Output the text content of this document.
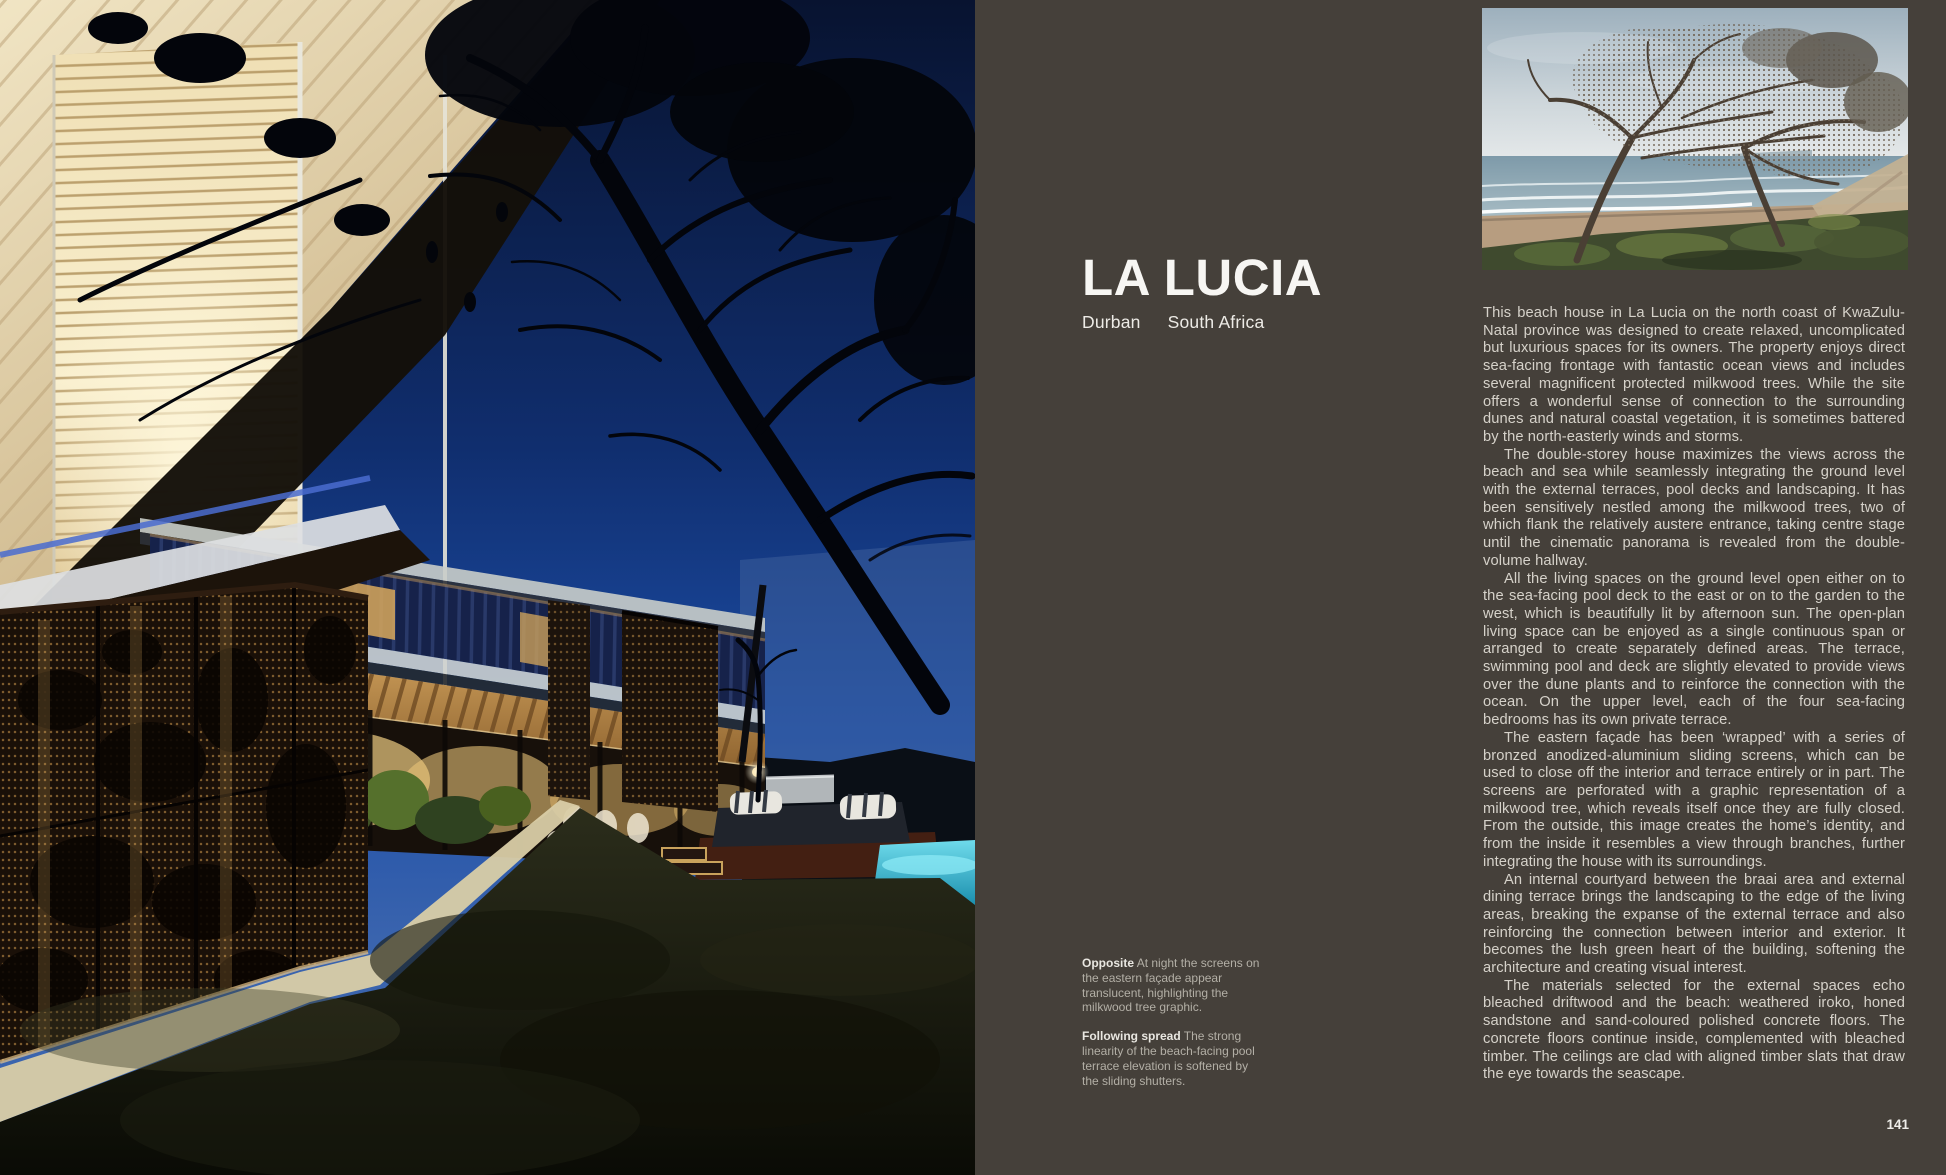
LA LUCIA
Durban South Africa	This beach house in La Lucia on the north coast of KwaZulu-Natal province was designed to create relaxed, uncomplicated but luxurious spaces for its owners. The property enjoys direct sea-facing frontage with fantastic ocean views and includes several magnificent protected milkwood trees. While the site offers a wonderful sense of connection to the surrounding dunes and natural coastal vegetation, it is sometimes battered by the north-easterly winds and storms.

The double-storey house maximizes the views across the beach and sea while seamlessly integrating the ground level with the external terraces, pool decks and landscaping. It has been sensitively nestled among the milkwood trees, two of which flank the relatively austere entrance, taking centre stage until the cinematic panorama is revealed from the double-volume hallway.

All the living spaces on the ground level open either on to the sea-facing pool deck to the east or on to the garden to the west, which is beautifully lit by afternoon sun. The open-plan living space can be enjoyed as a single continuous span or arranged to create separately defined areas. The terrace, swimming pool and deck are slightly elevated to provide views over the dune plants and to reinforce the connection with the ocean. On the upper level, each of the four sea-facing bedrooms has its own private terrace.

The eastern façade has been ‘wrapped’ with a series of bronzed anodized-aluminium sliding screens, which can be used to close off the interior and terrace entirely or in part. The screens are perforated with a graphic representation of a milkwood tree, which reveals itself once they are fully closed. From the outside, this image creates the home’s identity, and from the inside it resembles a view through branches, further integrating the house with its surroundings.

An internal courtyard between the braai area and external dining terrace brings the landscaping to the edge of the living areas, breaking the expanse of the external terrace and also reinforcing the connection between interior and exterior. It becomes the lush green heart of the building, softening the architecture and creating visual interest.

The materials selected for the external spaces echo bleached driftwood and the beach: weathered iroko, honed sandstone and sand-coloured polished concrete floors. The concrete floors continue inside, complemented with bleached timber. The ceilings are clad with aligned timber slats that draw the eye towards the seascape.

Opposite At night the screens on the eastern façade appear translucent, highlighting the milkwood tree graphic.

Following spread The strong linearity of the beach-facing pool terrace elevation is softened by the sliding shutters.

141
